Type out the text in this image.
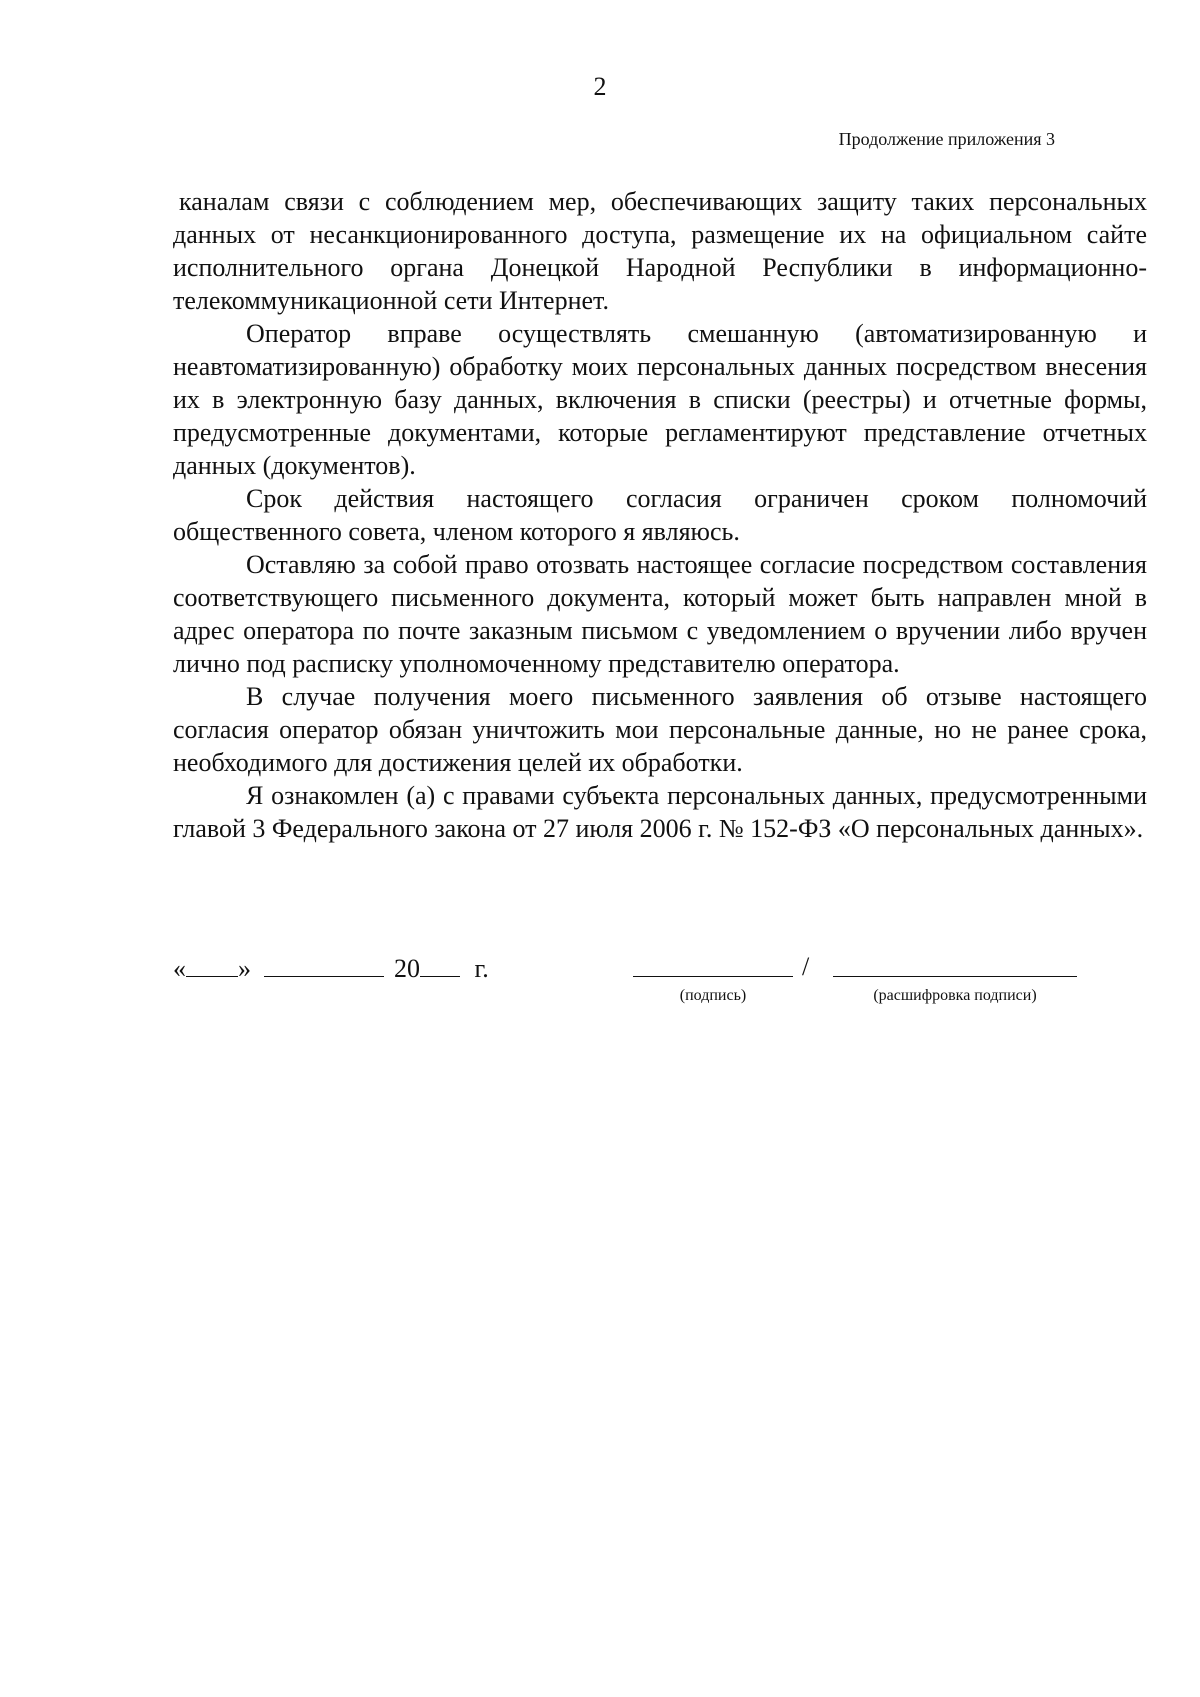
2
Продолжение приложения 3

каналам связи с соблюдением мер, обеспечивающих защиту таких персональных данных от несанкционированного доступа, размещение их на официальном сайте исполнительного органа Донецкой Народной Республики в информационно-телекоммуникационной сети Интернет.

Оператор вправе осуществлять смешанную (автоматизированную и неавтоматизированную) обработку моих персональных данных посредством внесения их в электронную базу данных, включения в списки (реестры) и отчетные формы, предусмотренные документами, которые регламентируют представление отчетных данных (документов).

Срок действия настоящего согласия ограничен сроком полномочий общественного совета, членом которого я являюсь.

Оставляю за собой право отозвать настоящее согласие посредством составления соответствующего письменного документа, который может быть направлен мной в адрес оператора по почте заказным письмом с уведомлением о вручении либо вручен лично под расписку уполномоченному представителю оператора.

В случае получения моего письменного заявления об отзыве настоящего согласия оператор обязан уничтожить мои персональные данные, но не ранее срока, необходимого для достижения целей их обработки.

Я ознакомлен (а) с правами субъекта персональных данных, предусмотренными главой 3 Федерального закона от 27 июля 2006 г. № 152-ФЗ «О персональных данных».

« »	20 г.	/
(подпись)	(расшифровка подписи)
